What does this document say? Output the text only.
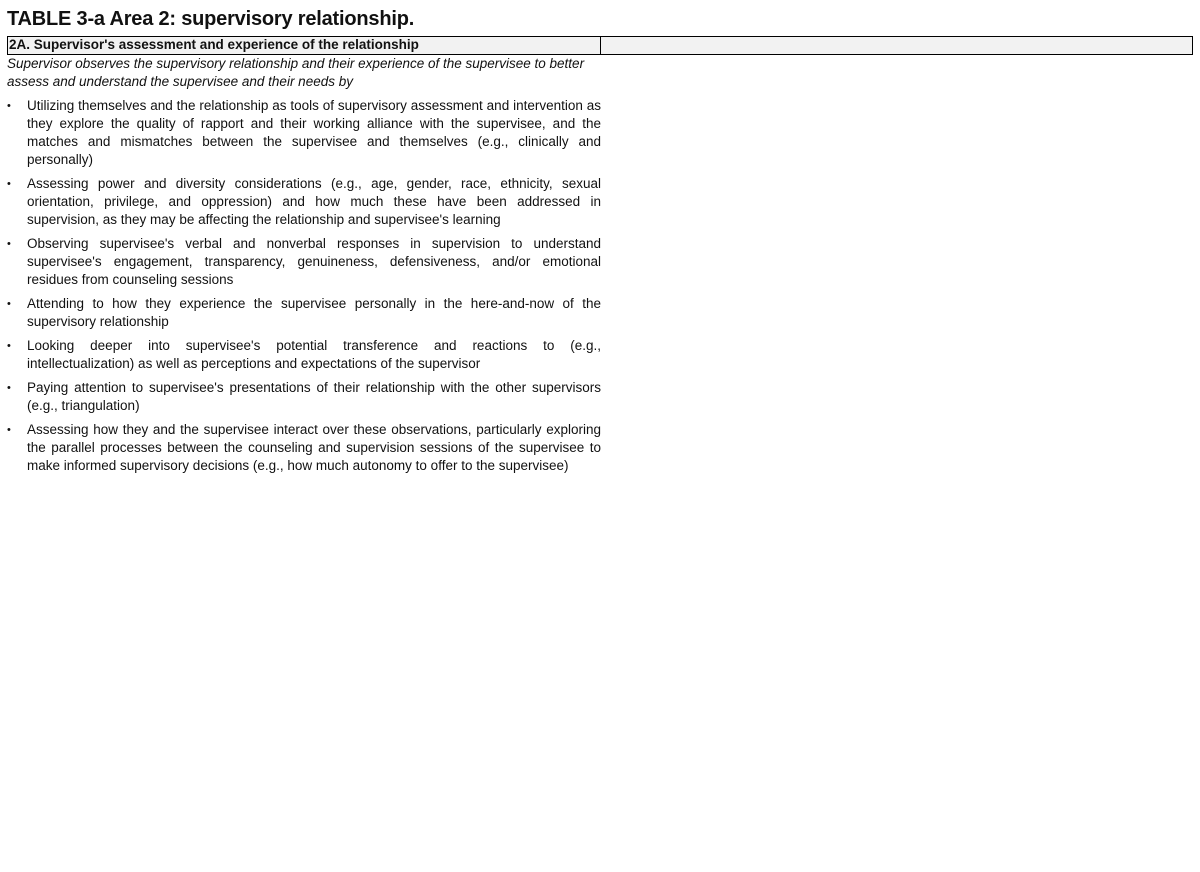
TABLE 3-a Area 2: supervisory relationship.
2A. Supervisor's assessment and experience of the relationship

Supervisor observes the supervisory relationship and their experience of the supervisee to better assess and understand the supervisee and their needs by

•	Utilizing themselves and the relationship as tools of supervisory assessment and intervention as they explore the quality of rapport and their working alliance with the supervisee, and the matches and mismatches between the supervisee and themselves (e.g., clinically and personally)
•	Assessing power and diversity considerations (e.g., age, gender, race, ethnicity, sexual orientation, privilege, and oppression) and how much these have been addressed in supervision, as they may be affecting the relationship and supervisee's learning
•	Observing supervisee's verbal and nonverbal responses in supervision to understand supervisee's engagement, transparency, genuineness, defensiveness, and/or emotional residues from counseling sessions
•	Attending to how they experience the supervisee personally in the here-and-now of the supervisory relationship
•	Looking deeper into supervisee's potential transference and reactions to (e.g., intellectualization) as well as perceptions and expectations of the supervisor
•	Paying attention to supervisee's presentations of their relationship with the other supervisors (e.g., triangulation)
•	Assessing how they and the supervisee interact over these observations, particularly exploring the parallel processes between the counseling and supervision sessions of the supervisee to make informed supervisory decisions (e.g., how much autonomy to offer to the supervisee)
